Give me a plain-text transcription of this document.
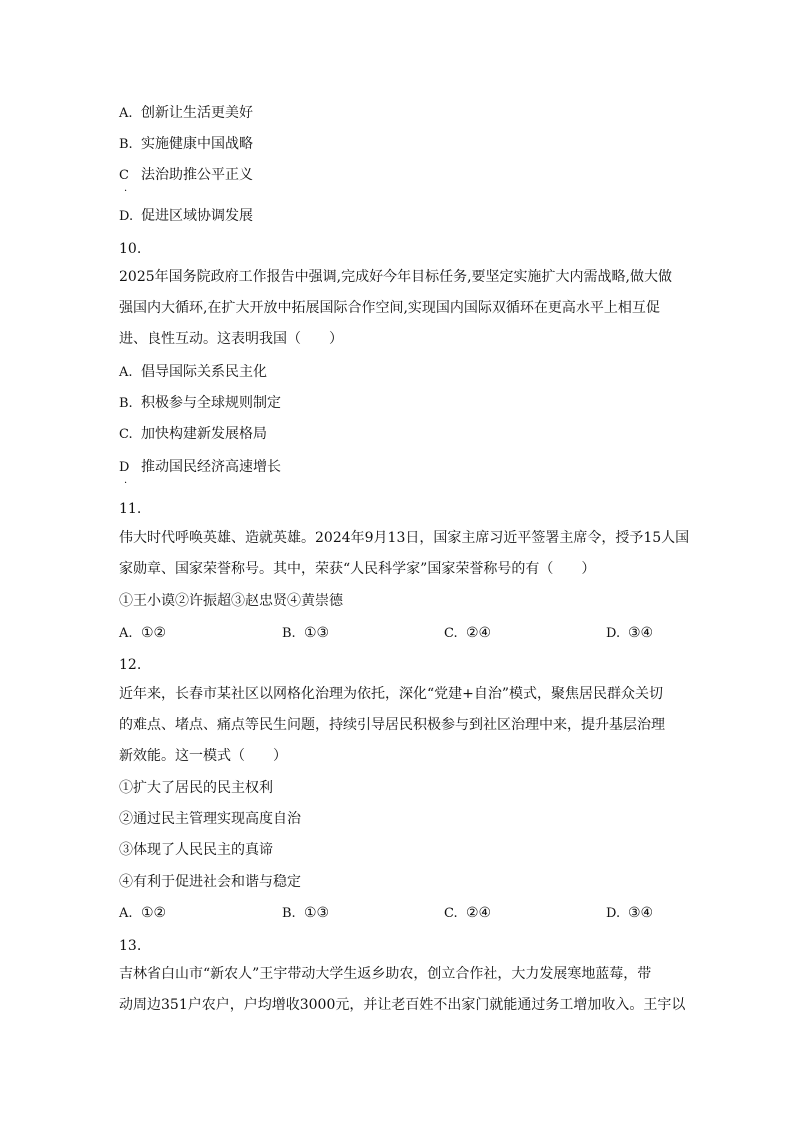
A. 创新让生活更美好
B. 实施健康中国战略
C
·
法治助推公平正义
D. 促进区域协调发展
10.
2025年国务院政府工作报告中强调,完成好今年目标任务,要坚定实施扩大内需战略,做大做
强国内大循环,在扩大开放中拓展国际合作空间,实现国内国际双循环在更高水平上相互促
进、良性互动。这表明我国（　　）
A. 倡导国际关系民主化
B. 积极参与全球规则制定
C. 加快构建新发展格局
D
·
推动国民经济高速增长
11.
伟大时代呼唤英雄、造就英雄。2024年9月13日，国家主席习近平签署主席令，授予15人国
家勋章、国家荣誉称号。其中，荣获“人民科学家”国家荣誉称号的有（　　）
①王小谟②许振超③赵忠贤④黄崇德
A. ①②	B. ①③	C. ②④	D. ③④
12.
近年来，长春市某社区以网格化治理为依托，深化“党建+自治”模式，聚焦居民群众关切
的难点、堵点、痛点等民生问题，持续引导居民积极参与到社区治理中来，提升基层治理
新效能。这一模式（　　）
①扩大了居民的民主权利
②通过民主管理实现高度自治
③体现了人民民主的真谛
④有利于促进社会和谐与稳定
A. ①②	B. ①③	C. ②④	D. ③④
13.
吉林省白山市“新农人”王宇带动大学生返乡助农，创立合作社，大力发展寒地蓝莓，带
动周边351户农户，户均增收3000元，并让老百姓不出家门就能通过务工增加收入。王宇以
